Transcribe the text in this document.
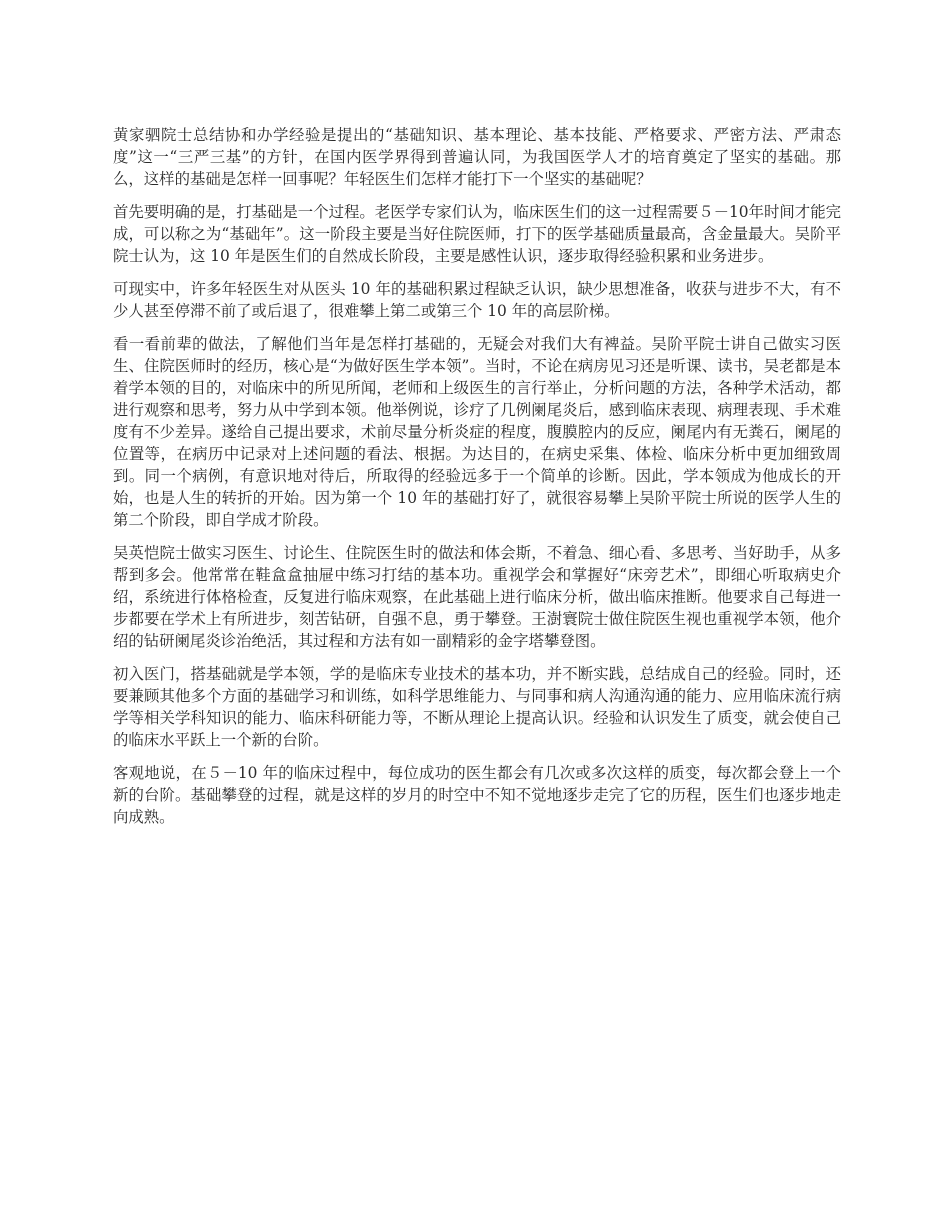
黄家驷院士总结协和办学经验是提出的“基础知识、基本理论、基本技能、严格要求、严密方法、严肃态度”这一“三严三基”的方针，在国内医学界得到普遍认同，为我国医学人才的培育奠定了坚实的基础。那么，这样的基础是怎样一回事呢？年轻医生们怎样才能打下一个坚实的基础呢？

首先要明确的是，打基础是一个过程。老医学专家们认为，临床医生们的这一过程需要５－10年时间才能完成，可以称之为“基础年”。这一阶段主要是当好住院医师，打下的医学基础质量最高，含金量最大。吴阶平院士认为，这 10 年是医生们的自然成长阶段，主要是感性认识，逐步取得经验积累和业务进步。

可现实中，许多年轻医生对从医头 10 年的基础积累过程缺乏认识，缺少思想准备，收获与进步不大，有不少人甚至停滞不前了或后退了，很难攀上第二或第三个 10 年的高层阶梯。

看一看前辈的做法，了解他们当年是怎样打基础的，无疑会对我们大有裨益。吴阶平院士讲自己做实习医生、住院医师时的经历，核心是“为做好医生学本领”。当时，不论在病房见习还是听课、读书，吴老都是本着学本领的目的，对临床中的所见所闻，老师和上级医生的言行举止，分析问题的方法，各种学术活动，都进行观察和思考，努力从中学到本领。他举例说，诊疗了几例阑尾炎后，感到临床表现、病理表现、手术难度有不少差异。遂给自己提出要求，术前尽量分析炎症的程度，腹膜腔内的反应，阑尾内有无粪石，阑尾的位置等，在病历中记录对上述问题的看法、根据。为达目的，在病史采集、体检、临床分析中更加细致周到。同一个病例，有意识地对待后，所取得的经验远多于一个简单的诊断。因此，学本领成为他成长的开始，也是人生的转折的开始。因为第一个 10 年的基础打好了，就很容易攀上吴阶平院士所说的医学人生的第二个阶段，即自学成才阶段。

吴英恺院士做实习医生、讨论生、住院医生时的做法和体会斯，不着急、细心看、多思考、当好助手，从多帮到多会。他常常在鞋盒盒抽屉中练习打结的基本功。重视学会和掌握好“床旁艺术”，即细心听取病史介绍，系统进行体格检查，反复进行临床观察，在此基础上进行临床分析，做出临床推断。他要求自己每进一步都要在学术上有所进步，刻苦钻研，自强不息，勇于攀登。王澍寰院士做住院医生视也重视学本领，他介绍的钻研阑尾炎诊治绝活，其过程和方法有如一副精彩的金字塔攀登图。

初入医门，搭基础就是学本领，学的是临床专业技术的基本功，并不断实践，总结成自己的经验。同时，还要兼顾其他多个方面的基础学习和训练，如科学思维能力、与同事和病人沟通沟通的能力、应用临床流行病学等相关学科知识的能力、临床科研能力等，不断从理论上提高认识。经验和认识发生了质变，就会使自己的临床水平跃上一个新的台阶。

客观地说，在５－10 年的临床过程中，每位成功的医生都会有几次或多次这样的质变，每次都会登上一个新的台阶。基础攀登的过程，就是这样的岁月的时空中不知不觉地逐步走完了它的历程，医生们也逐步地走向成熟。
